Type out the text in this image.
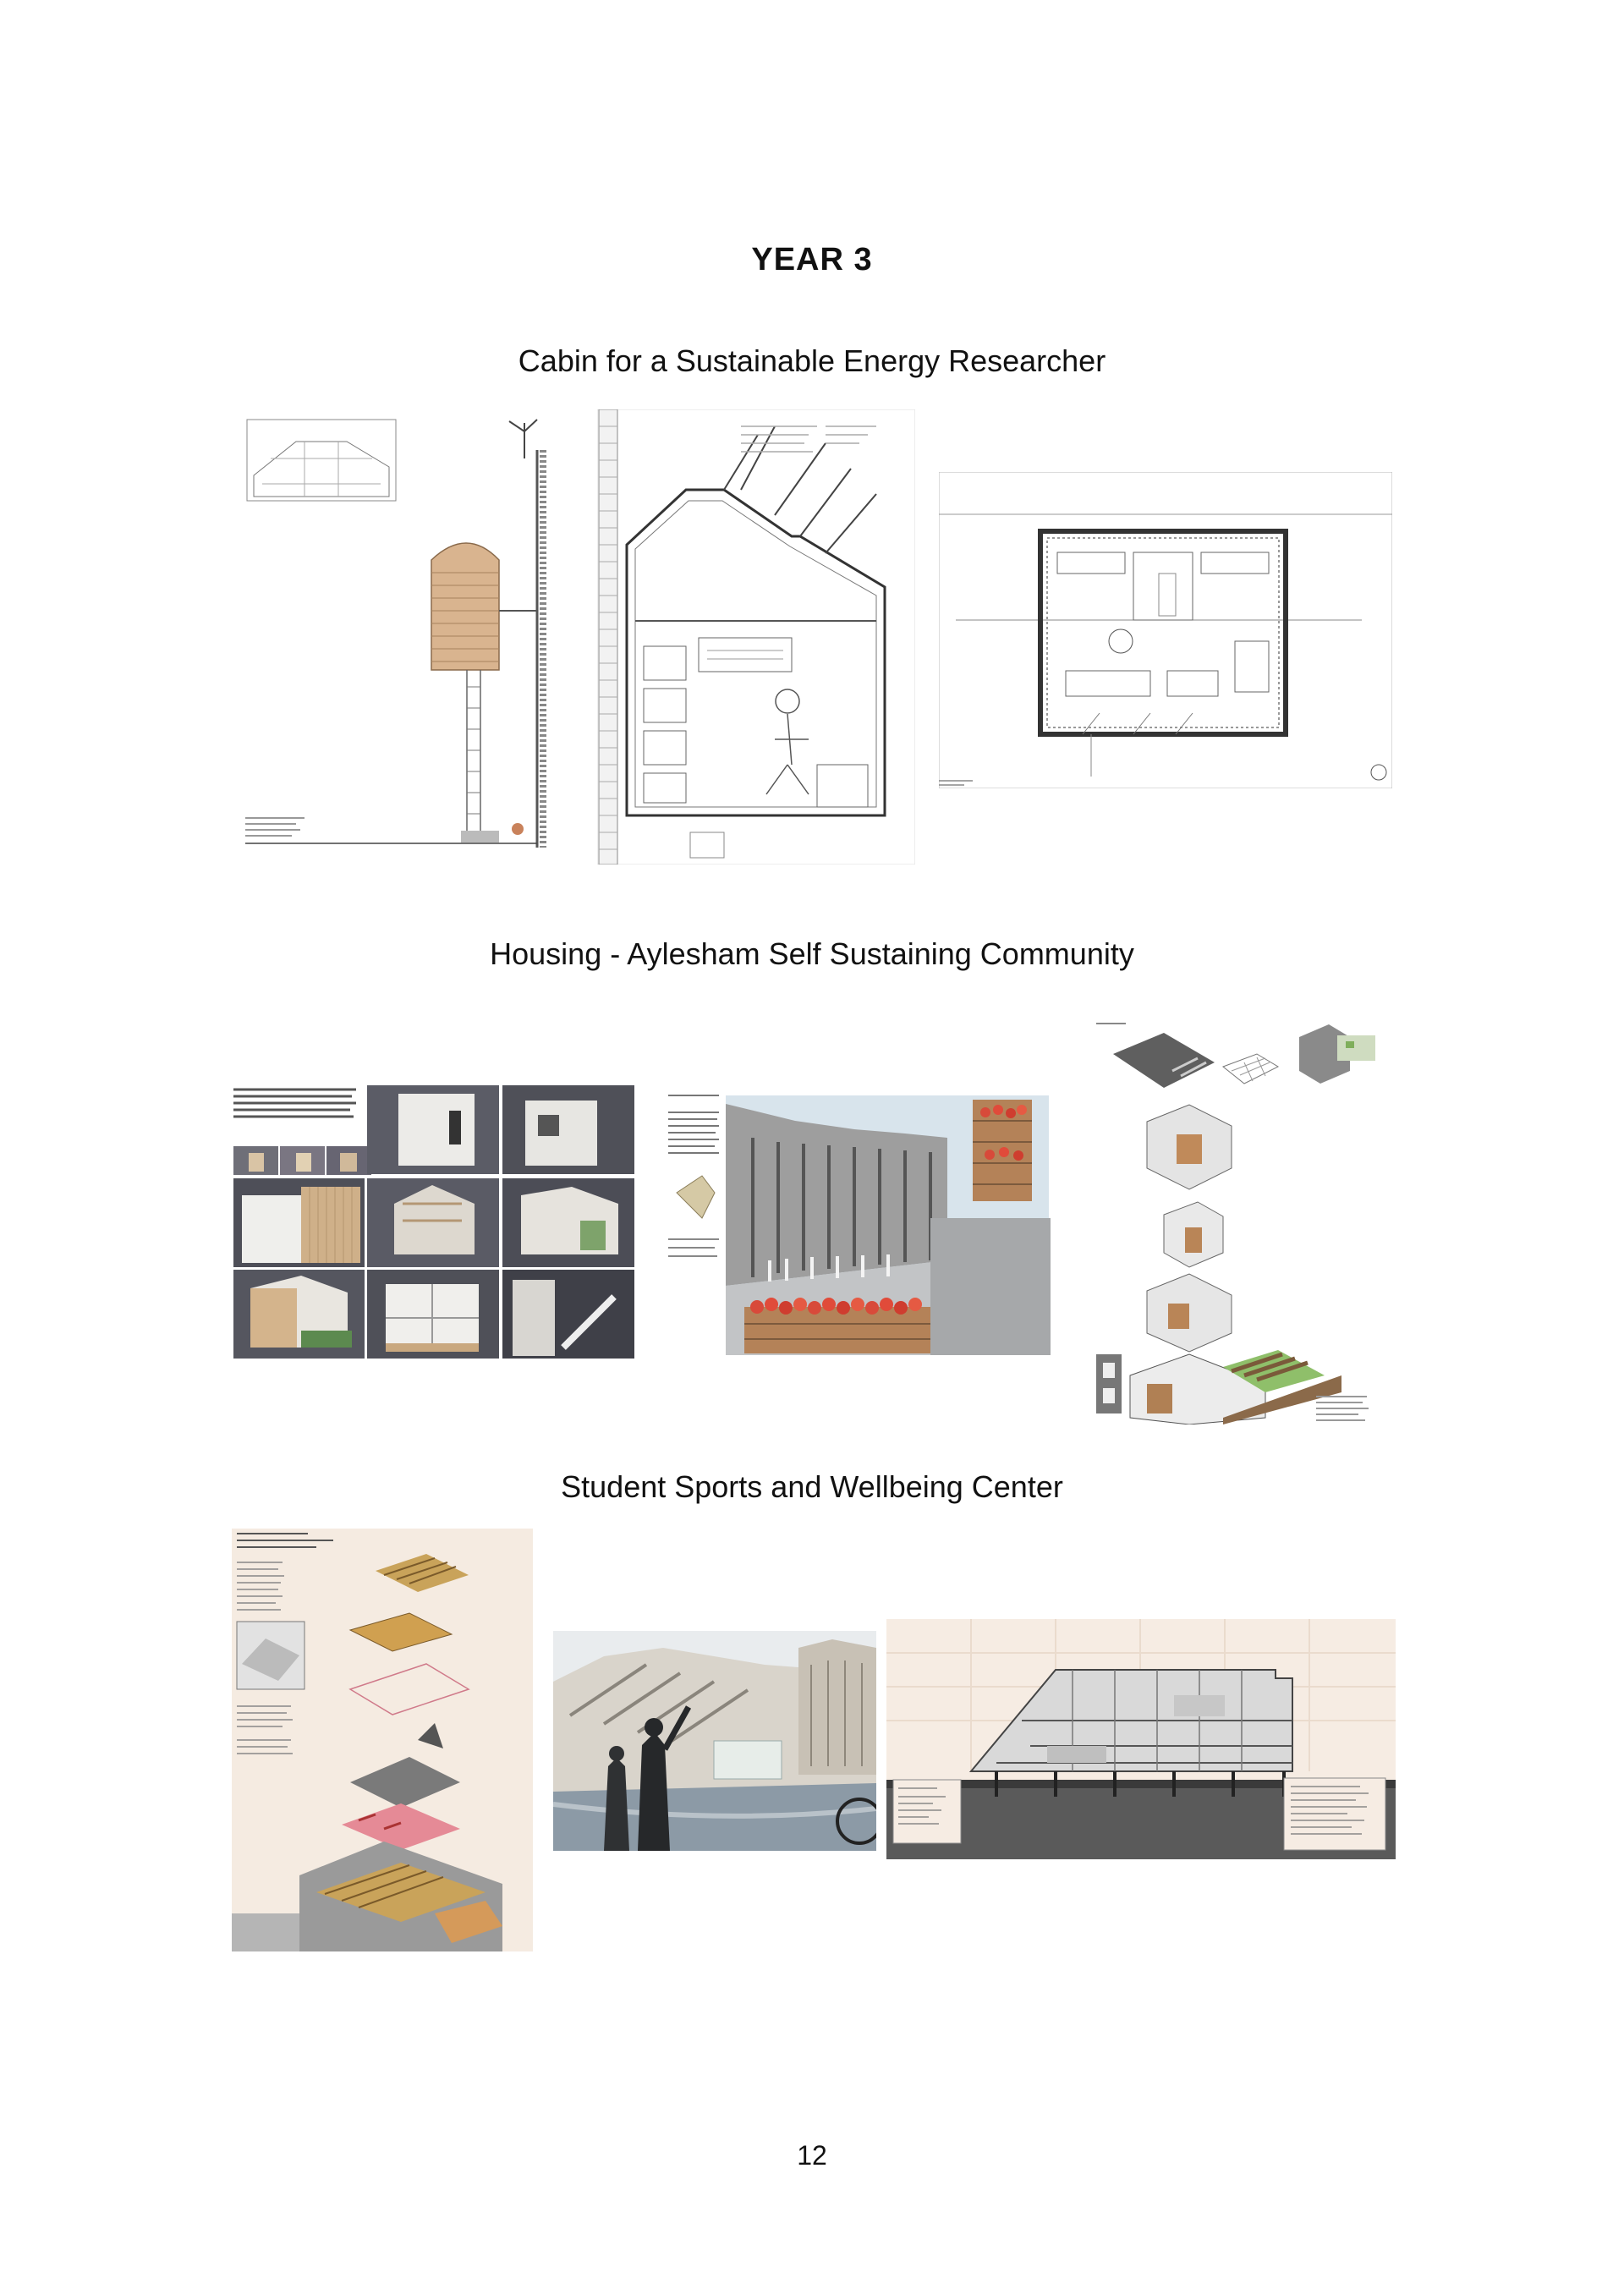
YEAR 3
Cabin for a Sustainable Energy Researcher
Housing - Aylesham Self Sustaining Community
Student Sports and Wellbeing Center
12
